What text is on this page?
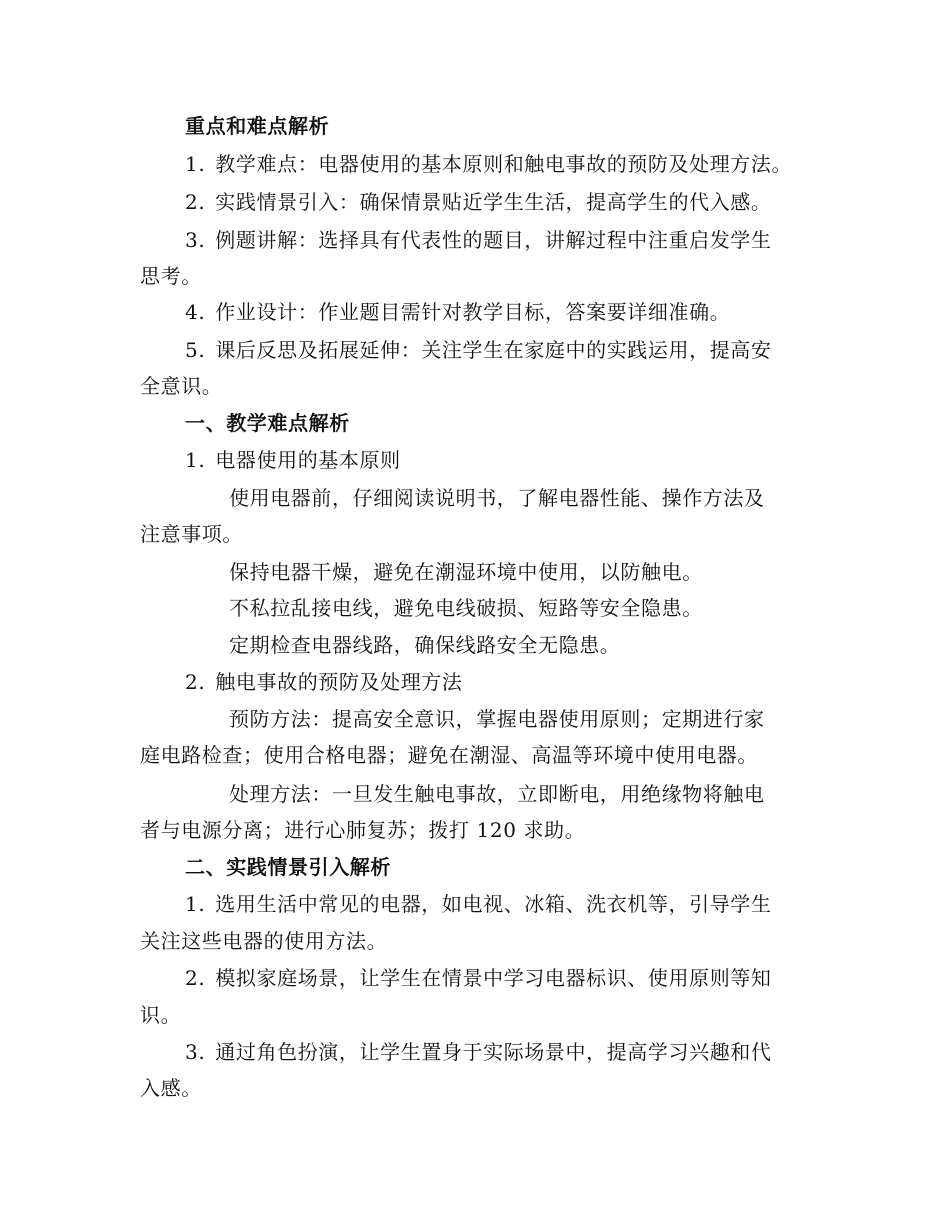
重点和难点解析
1. 教学难点：电器使用的基本原则和触电事故的预防及处理方法。
2. 实践情景引入：确保情景贴近学生生活，提高学生的代入感。
3. 例题讲解：选择具有代表性的题目，讲解过程中注重启发学生
思考。
4. 作业设计：作业题目需针对教学目标，答案要详细准确。
5. 课后反思及拓展延伸：关注学生在家庭中的实践运用，提高安
全意识。
一、教学难点解析
1. 电器使用的基本原则
使用电器前，仔细阅读说明书，了解电器性能、操作方法及
注意事项。
保持电器干燥，避免在潮湿环境中使用，以防触电。
不私拉乱接电线，避免电线破损、短路等安全隐患。
定期检查电器线路，确保线路安全无隐患。
2. 触电事故的预防及处理方法
预防方法：提高安全意识，掌握电器使用原则；定期进行家
庭电路检查；使用合格电器；避免在潮湿、高温等环境中使用电器。
处理方法：一旦发生触电事故，立即断电，用绝缘物将触电
者与电源分离；进行心肺复苏；拨打 120 求助。
二、实践情景引入解析
1. 选用生活中常见的电器，如电视、冰箱、洗衣机等，引导学生
关注这些电器的使用方法。
2. 模拟家庭场景，让学生在情景中学习电器标识、使用原则等知
识。
3. 通过角色扮演，让学生置身于实际场景中，提高学习兴趣和代
入感。
